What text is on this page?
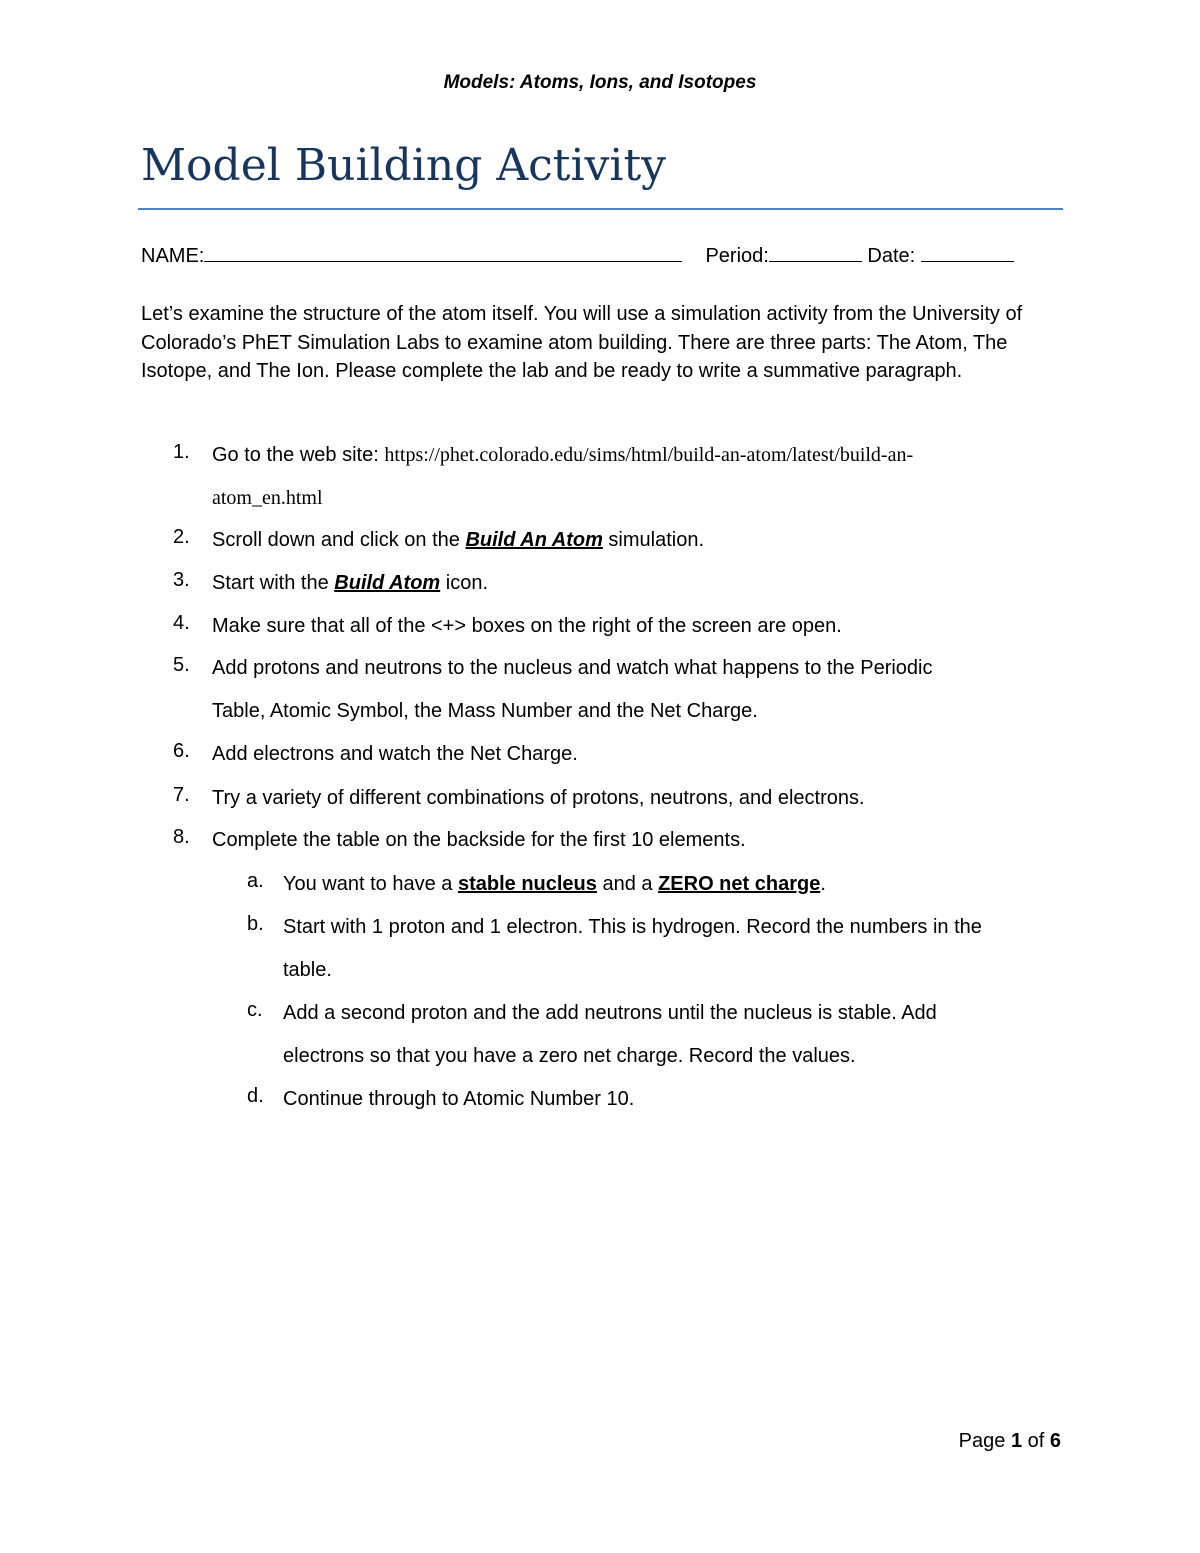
Models: Atoms, Ions, and Isotopes
Model Building Activity
NAME:	Period:	Date:

Let’s examine the structure of the atom itself. You will use a simulation activity from the University of Colorado’s PhET Simulation Labs to examine atom building. There are three parts: The Atom, The Isotope, and The Ion. Please complete the lab and be ready to write a summative paragraph.

1.	Go to the web site: https://phet.colorado.edu/sims/html/build-an-atom/latest/build-an-
atom_en.html
2.	Scroll down and click on the Build An Atom simulation.
3.	Start with the Build Atom icon.
4.	Make sure that all of the <+> boxes on the right of the screen are open.
5.	Add protons and neutrons to the nucleus and watch what happens to the Periodic
Table, Atomic Symbol, the Mass Number and the Net Charge.
6.	Add electrons and watch the Net Charge.
7.	Try a variety of different combinations of protons, neutrons, and electrons.
8.	Complete the table on the backside for the first 10 elements.
a. You want to have a stable nucleus and a ZERO net charge.
b. Start with 1 proton and 1 electron. This is hydrogen. Record the numbers in the
table.
c.	Add a second proton and the add neutrons until the nucleus is stable. Add
electrons so that you have a zero net charge. Record the values.
d. Continue through to Atomic Number 10.
Page 1 of 6
